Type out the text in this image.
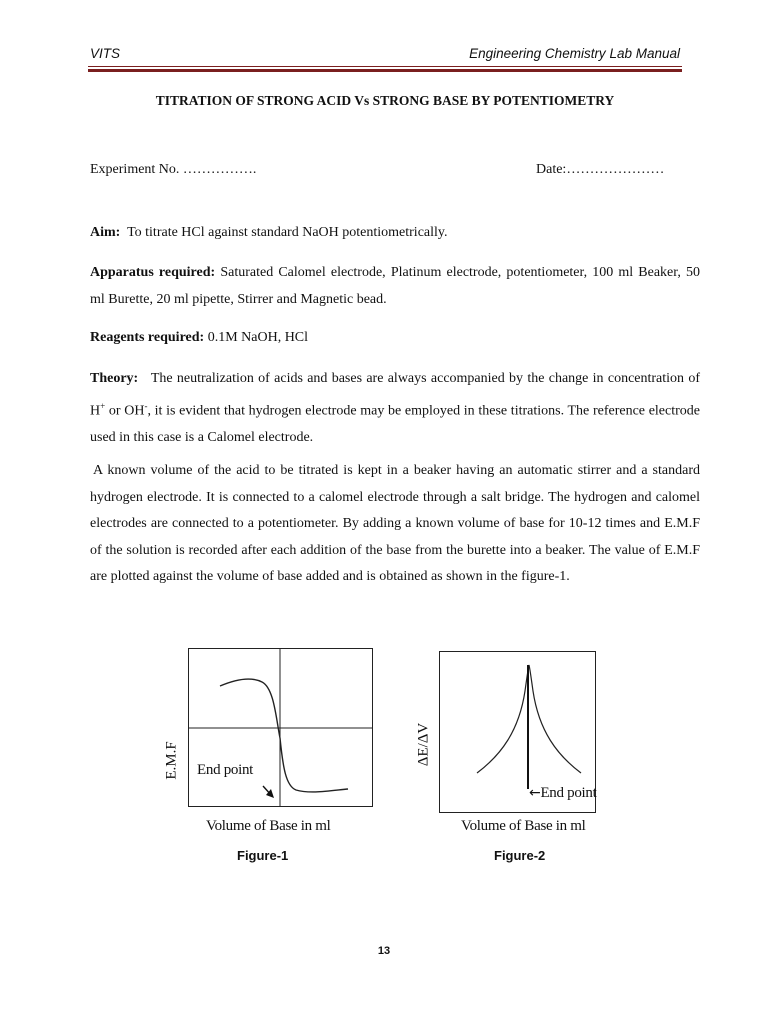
VITS	Engineering Chemistry Lab Manual
TITRATION OF STRONG ACID Vs STRONG BASE BY POTENTIOMETRY
Experiment No. …………….	Date:…………………
Aim: To titrate HCl against standard NaOH potentiometrically.
Apparatus required: Saturated Calomel electrode, Platinum electrode, potentiometer, 100 ml Beaker, 50 ml Burette, 20 ml pipette, Stirrer and Magnetic bead.
Reagents required: 0.1M NaOH, HCl
Theory: The neutralization of acids and bases are always accompanied by the change in concentration of H+ or OH-, it is evident that hydrogen electrode may be employed in these titrations. The reference electrode used in this case is a Calomel electrode.
A known volume of the acid to be titrated is kept in a beaker having an automatic stirrer and a standard hydrogen electrode. It is connected to a calomel electrode through a salt bridge. The hydrogen and calomel electrodes are connected to a potentiometer. By adding a known volume of base for 10-12 times and E.M.F of the solution is recorded after each addition of the base from the burette into a beaker. The value of E.M.F are plotted against the volume of base added and is obtained as shown in the figure-1.
E.M.F End point
Volume of Base in ml
Figure-1
ΔE/ΔV
←End point
Volume of Base in ml
Figure-2
13
